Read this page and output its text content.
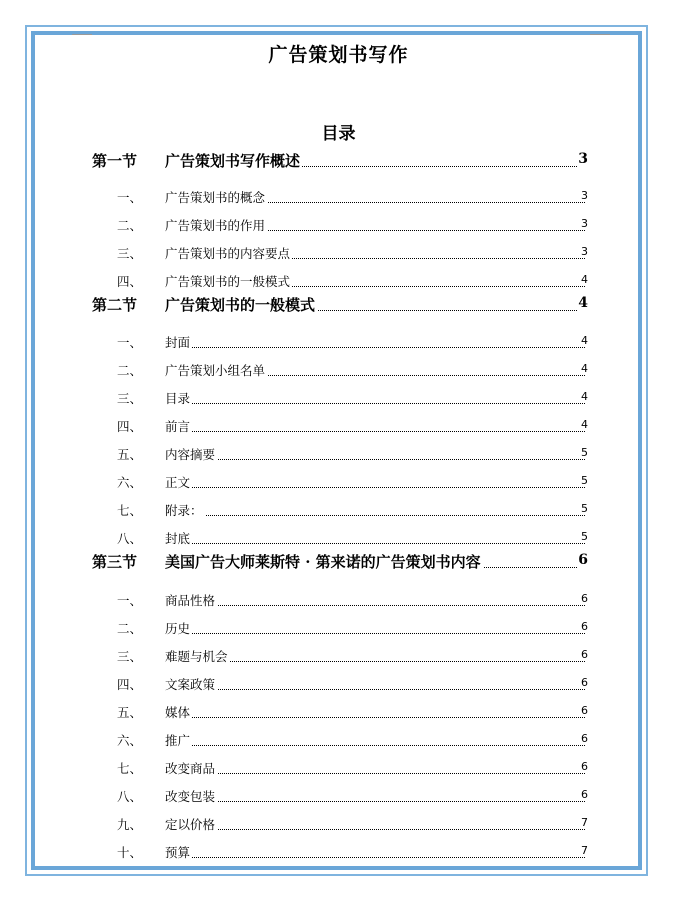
广告策划书写作
目录
第一节 广告策划书写作概述	3
一、 广告策划书的概念	3
二、 广告策划书的作用	3
三、 广告策划书的内容要点	3
四、 广告策划书的一般模式	4
第二节 广告策划书的一般模式	4
一、 封面	4
二、 广告策划小组名单	4
三、 目录	4
四、 前言	4
五、 内容摘要	5
六、 正文	5
七、 附录：	5
八、 封底	5
第三节 美国广告大师莱斯特 · 第来诺的广告策划书内容	6
一、 商品性格	6
二、 历史	6
三、 难题与机会	6
四、 文案政策	6
五、 媒体	6
六、 推广	6
七、 改变商品	6
八、 改变包装	6
九、 定以价格	7
十、 预算	7
